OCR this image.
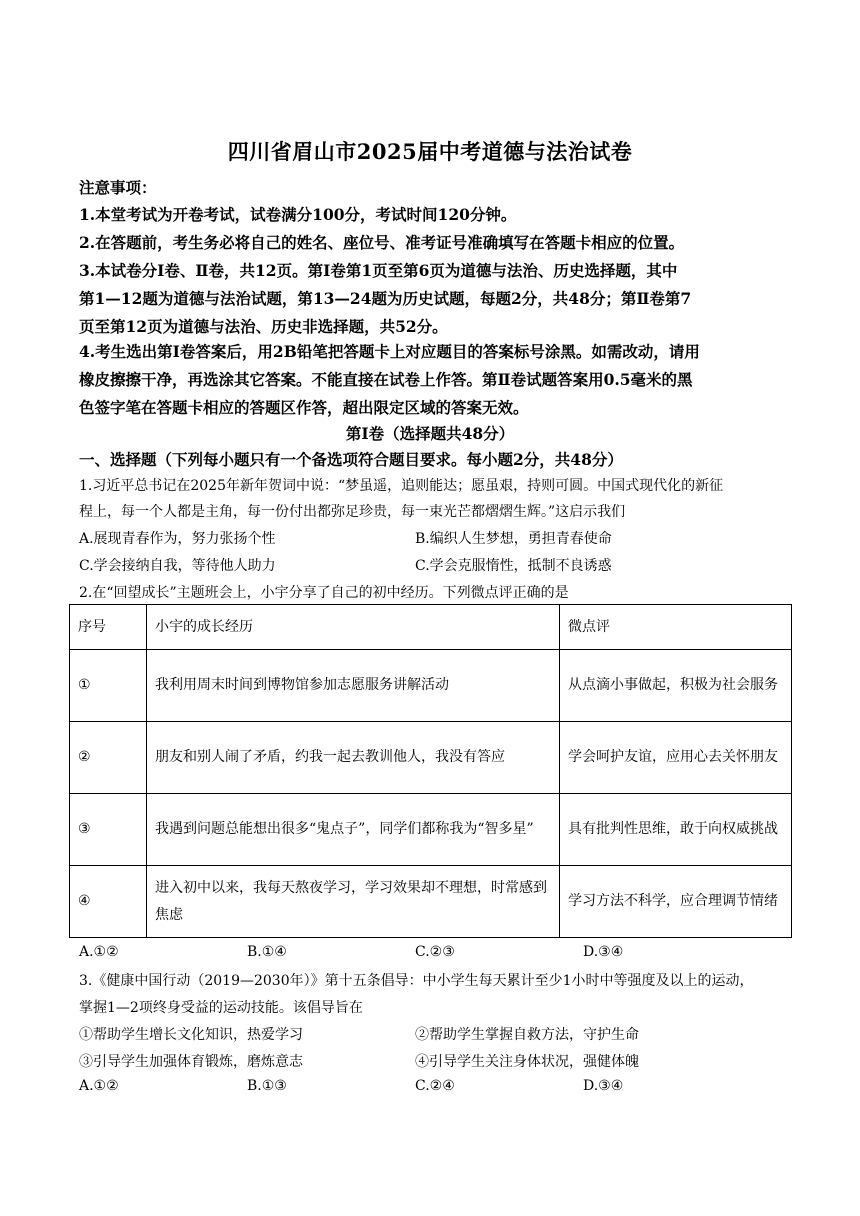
四川省眉山市2025届中考道德与法治试卷
注意事项：
1.本堂考试为开卷考试，试卷满分100分，考试时间120分钟。
2.在答题前，考生务必将自己的姓名、座位号、准考证号准确填写在答题卡相应的位置。
3.本试卷分Ⅰ卷、Ⅱ卷，共12页。第Ⅰ卷第1页至第6页为道德与法治、历史选择题，其中
第1—12题为道德与法治试题，第13—24题为历史试题，每题2分，共48分；第Ⅱ卷第7
页至第12页为道德与法治、历史非选择题，共52分。
4.考生选出第Ⅰ卷答案后，用2B铅笔把答题卡上对应题目的答案标号涂黑。如需改动，请用
橡皮擦擦干净，再选涂其它答案。不能直接在试卷上作答。第Ⅱ卷试题答案用0.5毫米的黑
色签字笔在答题卡相应的答题区作答，超出限定区域的答案无效。
第Ⅰ卷（选择题共48分）
一、选择题（下列每小题只有一个备选项符合题目要求。每小题2分，共48分）
1.习近平总书记在2025年新年贺词中说：“梦虽遥，追则能达；愿虽艰，持则可圆。中国式现代化的新征
程上，每一个人都是主角，每一份付出都弥足珍贵，每一束光芒都熠熠生辉。”这启示我们
A.展现青春作为，努力张扬个性	B.编织人生梦想，勇担青春使命
C.学会接纳自我，等待他人助力	C.学会克服惰性，抵制不良诱惑
2.在“回望成长”主题班会上，小宇分享了自己的初中经历。下列微点评正确的是
序号	小宇的成长经历	微点评
①	我利用周末时间到博物馆参加志愿服务讲解活动	从点滴小事做起，积极为社会服务
②	朋友和别人闹了矛盾，约我一起去教训他人，我没有答应	学会呵护友谊，应用心去关怀朋友
③	我遇到问题总能想出很多“鬼点子”，同学们都称我为“智多星”	具有批判性思维，敢于向权威挑战
④	进入初中以来，我每天熬夜学习，学习效果却不理想，时常感到焦虑	学习方法不科学，应合理调节情绪
A.①②	B.①④	C.②③	D.③④
3.《健康中国行动（2019—2030年）》第十五条倡导：中小学生每天累计至少1小时中等强度及以上的运动，
掌握1—2项终身受益的运动技能。该倡导旨在
①帮助学生增长文化知识，热爱学习	②帮助学生掌握自救方法，守护生命
③引导学生加强体育锻炼，磨炼意志	④引导学生关注身体状况，强健体魄
A.①②	B.①③	C.②④	D.③④
